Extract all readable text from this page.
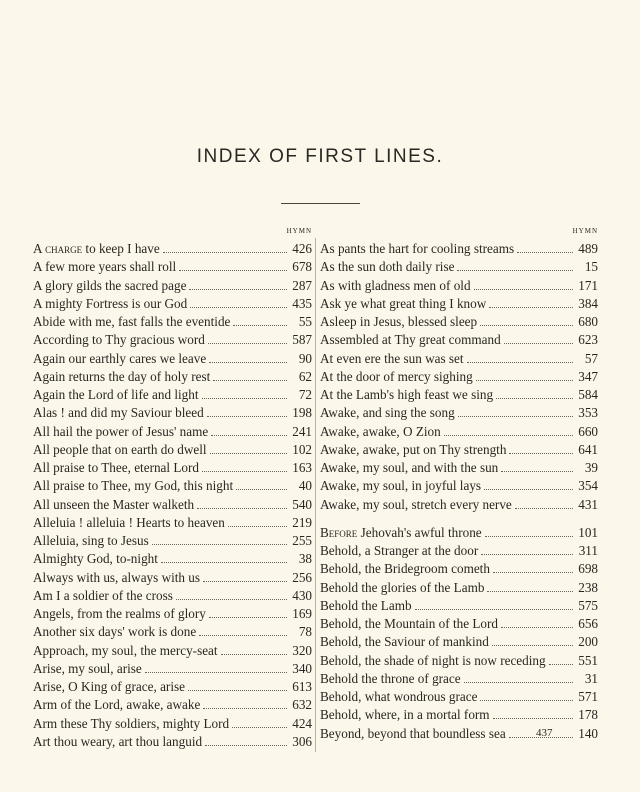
INDEX OF FIRST LINES.
HYMN
A charge to keep I have	426
A few more years shall roll	678
A glory gilds the sacred page	287
A mighty Fortress is our God	435
Abide with me, fast falls the eventide	55
According to Thy gracious word	587
Again our earthly cares we leave	90
Again returns the day of holy rest	62
Again the Lord of life and light	72
Alas ! and did my Saviour bleed	198
All hail the power of Jesus' name	241
All people that on earth do dwell	102
All praise to Thee, eternal Lord	163
All praise to Thee, my God, this night	40
All unseen the Master walketh	540
Alleluia ! alleluia ! Hearts to heaven	219
Alleluia, sing to Jesus	255
Almighty God, to-night	38
Always with us, always with us	256
Am I a soldier of the cross	430
Angels, from the realms of glory	169
Another six days' work is done	78
Approach, my soul, the mercy-seat	320
Arise, my soul, arise	340
Arise, O King of grace, arise	613
Arm of the Lord, awake, awake	632
Arm these Thy soldiers, mighty Lord	424
Art thou weary, art thou languid	306
HYMN
As pants the hart for cooling streams	489
As the sun doth daily rise	15
As with gladness men of old	171
Ask ye what great thing I know	384
Asleep in Jesus, blessed sleep	680
Assembled at Thy great command	623
At even ere the sun was set	57
At the door of mercy sighing	347
At the Lamb's high feast we sing	584
Awake, and sing the song	353
Awake, awake, O Zion	660
Awake, awake, put on Thy strength	641
Awake, my soul, and with the sun	39
Awake, my soul, in joyful lays	354
Awake, my soul, stretch every nerve	431
Before Jehovah's awful throne	101
Behold, a Stranger at the door	311
Behold, the Bridegroom cometh	698
Behold the glories of the Lamb	238
Behold the Lamb	575
Behold, the Mountain of the Lord	656
Behold, the Saviour of mankind	200
Behold, the shade of night is now receding 551
Behold the throne of grace	31
Behold, what wondrous grace	571
Behold, where, in a mortal form	178
Beyond, beyond that boundless sea	140
437
